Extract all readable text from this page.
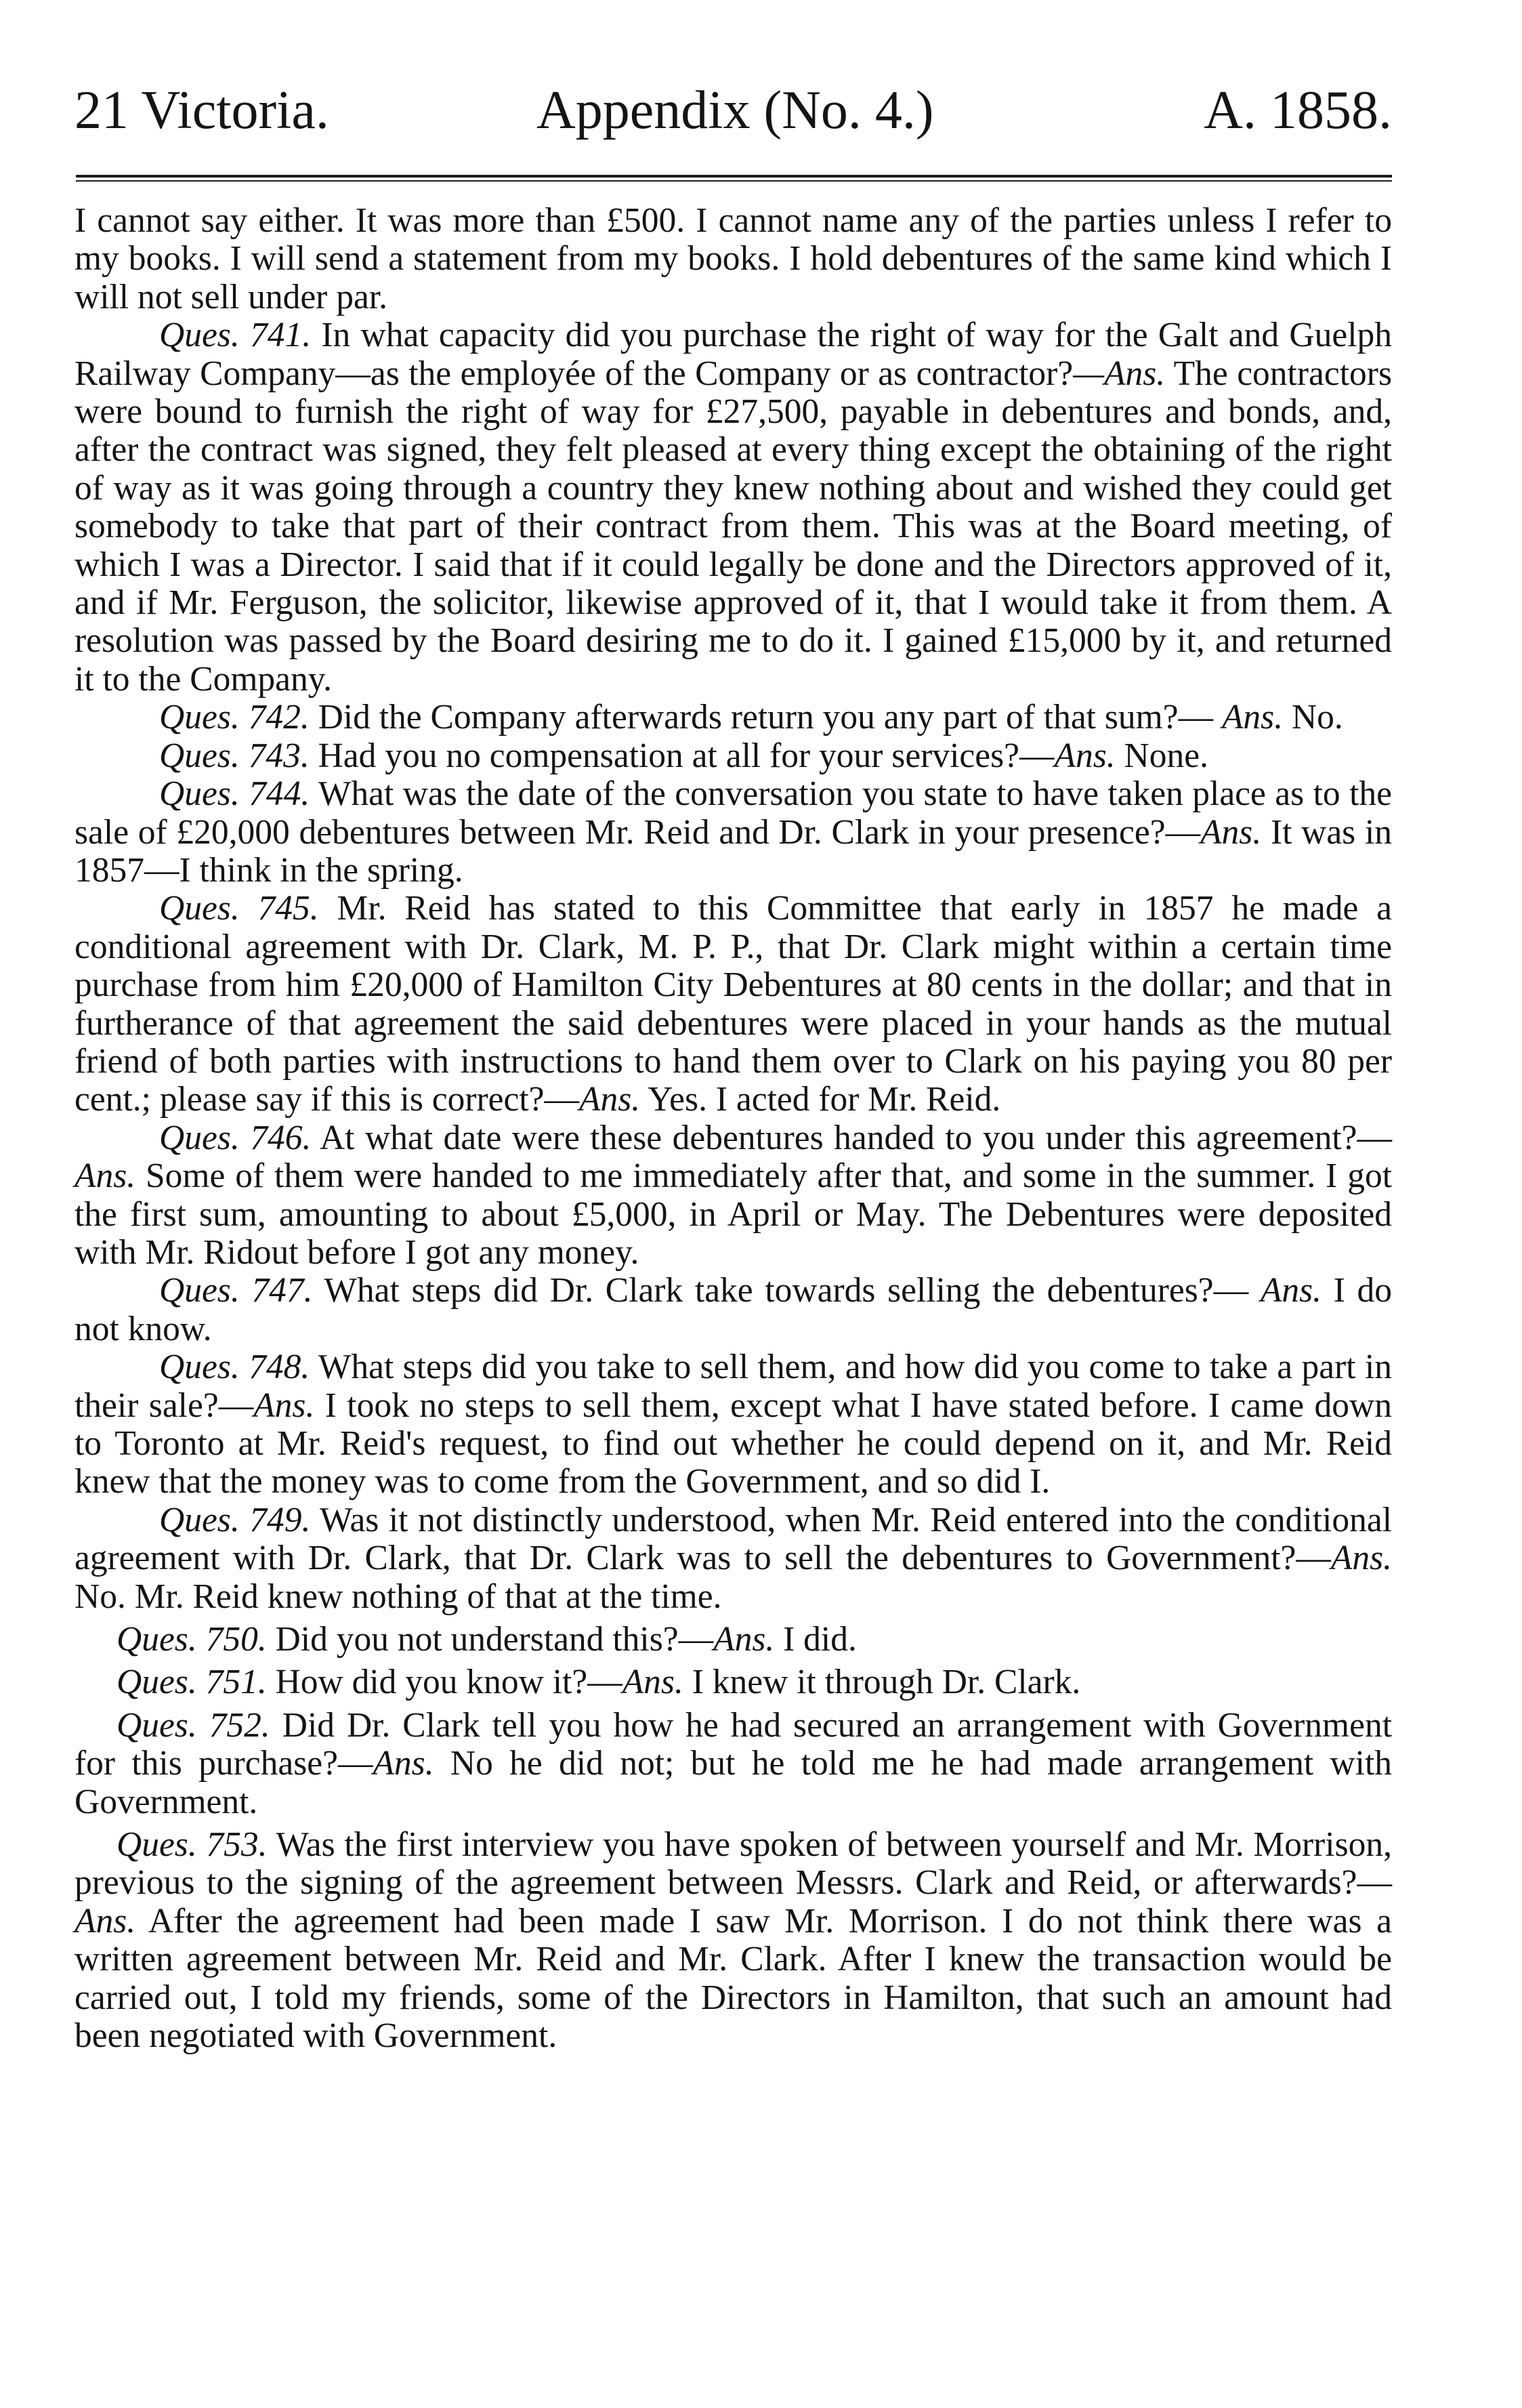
21 Victoria.	Appendix (No. 4.)	A. 1858.

I cannot say either. It was more than £500. I cannot name any of the parties unless I refer to my books. I will send a statement from my books. I hold debentures of the same kind which I will not sell under par.

Ques. 741. In what capacity did you purchase the right of way for the Galt and Guelph Railway Company—as the employée of the Company or as contractor?—Ans. The contractors were bound to furnish the right of way for £27,500, payable in debentures and bonds, and, after the contract was signed, they felt pleased at every thing except the obtaining of the right of way as it was going through a country they knew nothing about and wished they could get somebody to take that part of their contract from them. This was at the Board meeting, of which I was a Director. I said that if it could legally be done and the Directors approved of it, and if Mr. Ferguson, the solicitor, likewise approved of it, that I would take it from them. A resolution was passed by the Board desiring me to do it. I gained £15,000 by it, and returned it to the Company.

Ques. 742. Did the Company afterwards return you any part of that sum?— Ans. No.

Ques. 743. Had you no compensation at all for your services?—Ans. None.

Ques. 744. What was the date of the conversation you state to have taken place as to the sale of £20,000 debentures between Mr. Reid and Dr. Clark in your presence?—Ans. It was in 1857—I think in the spring.

Ques. 745. Mr. Reid has stated to this Committee that early in 1857 he made a conditional agreement with Dr. Clark, M. P. P., that Dr. Clark might within a certain time purchase from him £20,000 of Hamilton City Debentures at 80 cents in the dollar; and that in furtherance of that agreement the said debentures were placed in your hands as the mutual friend of both parties with instructions to hand them over to Clark on his paying you 80 per cent.; please say if this is correct?—Ans. Yes. I acted for Mr. Reid.

Ques. 746. At what date were these debentures handed to you under this agreement?—Ans. Some of them were handed to me immediately after that, and some in the summer. I got the first sum, amounting to about £5,000, in April or May. The Debentures were deposited with Mr. Ridout before I got any money.

Ques. 747. What steps did Dr. Clark take towards selling the debentures?— Ans. I do not know.

Ques. 748. What steps did you take to sell them, and how did you come to take a part in their sale?—Ans. I took no steps to sell them, except what I have stated before. I came down to Toronto at Mr. Reid's request, to find out whether he could depend on it, and Mr. Reid knew that the money was to come from the Government, and so did I.

Ques. 749. Was it not distinctly understood, when Mr. Reid entered into the conditional agreement with Dr. Clark, that Dr. Clark was to sell the debentures to Government?—Ans. No. Mr. Reid knew nothing of that at the time.

Ques. 750. Did you not understand this?—Ans. I did.

Ques. 751. How did you know it?—Ans. I knew it through Dr. Clark.

Ques. 752. Did Dr. Clark tell you how he had secured an arrangement with Government for this purchase?—Ans. No he did not; but he told me he had made arrangement with Government.

Ques. 753. Was the first interview you have spoken of between yourself and Mr. Morrison, previous to the signing of the agreement between Messrs. Clark and Reid, or afterwards?—Ans. After the agreement had been made I saw Mr. Morrison. I do not think there was a written agreement between Mr. Reid and Mr. Clark. After I knew the transaction would be carried out, I told my friends, some of the Directors in Hamilton, that such an amount had been negotiated with Government.
